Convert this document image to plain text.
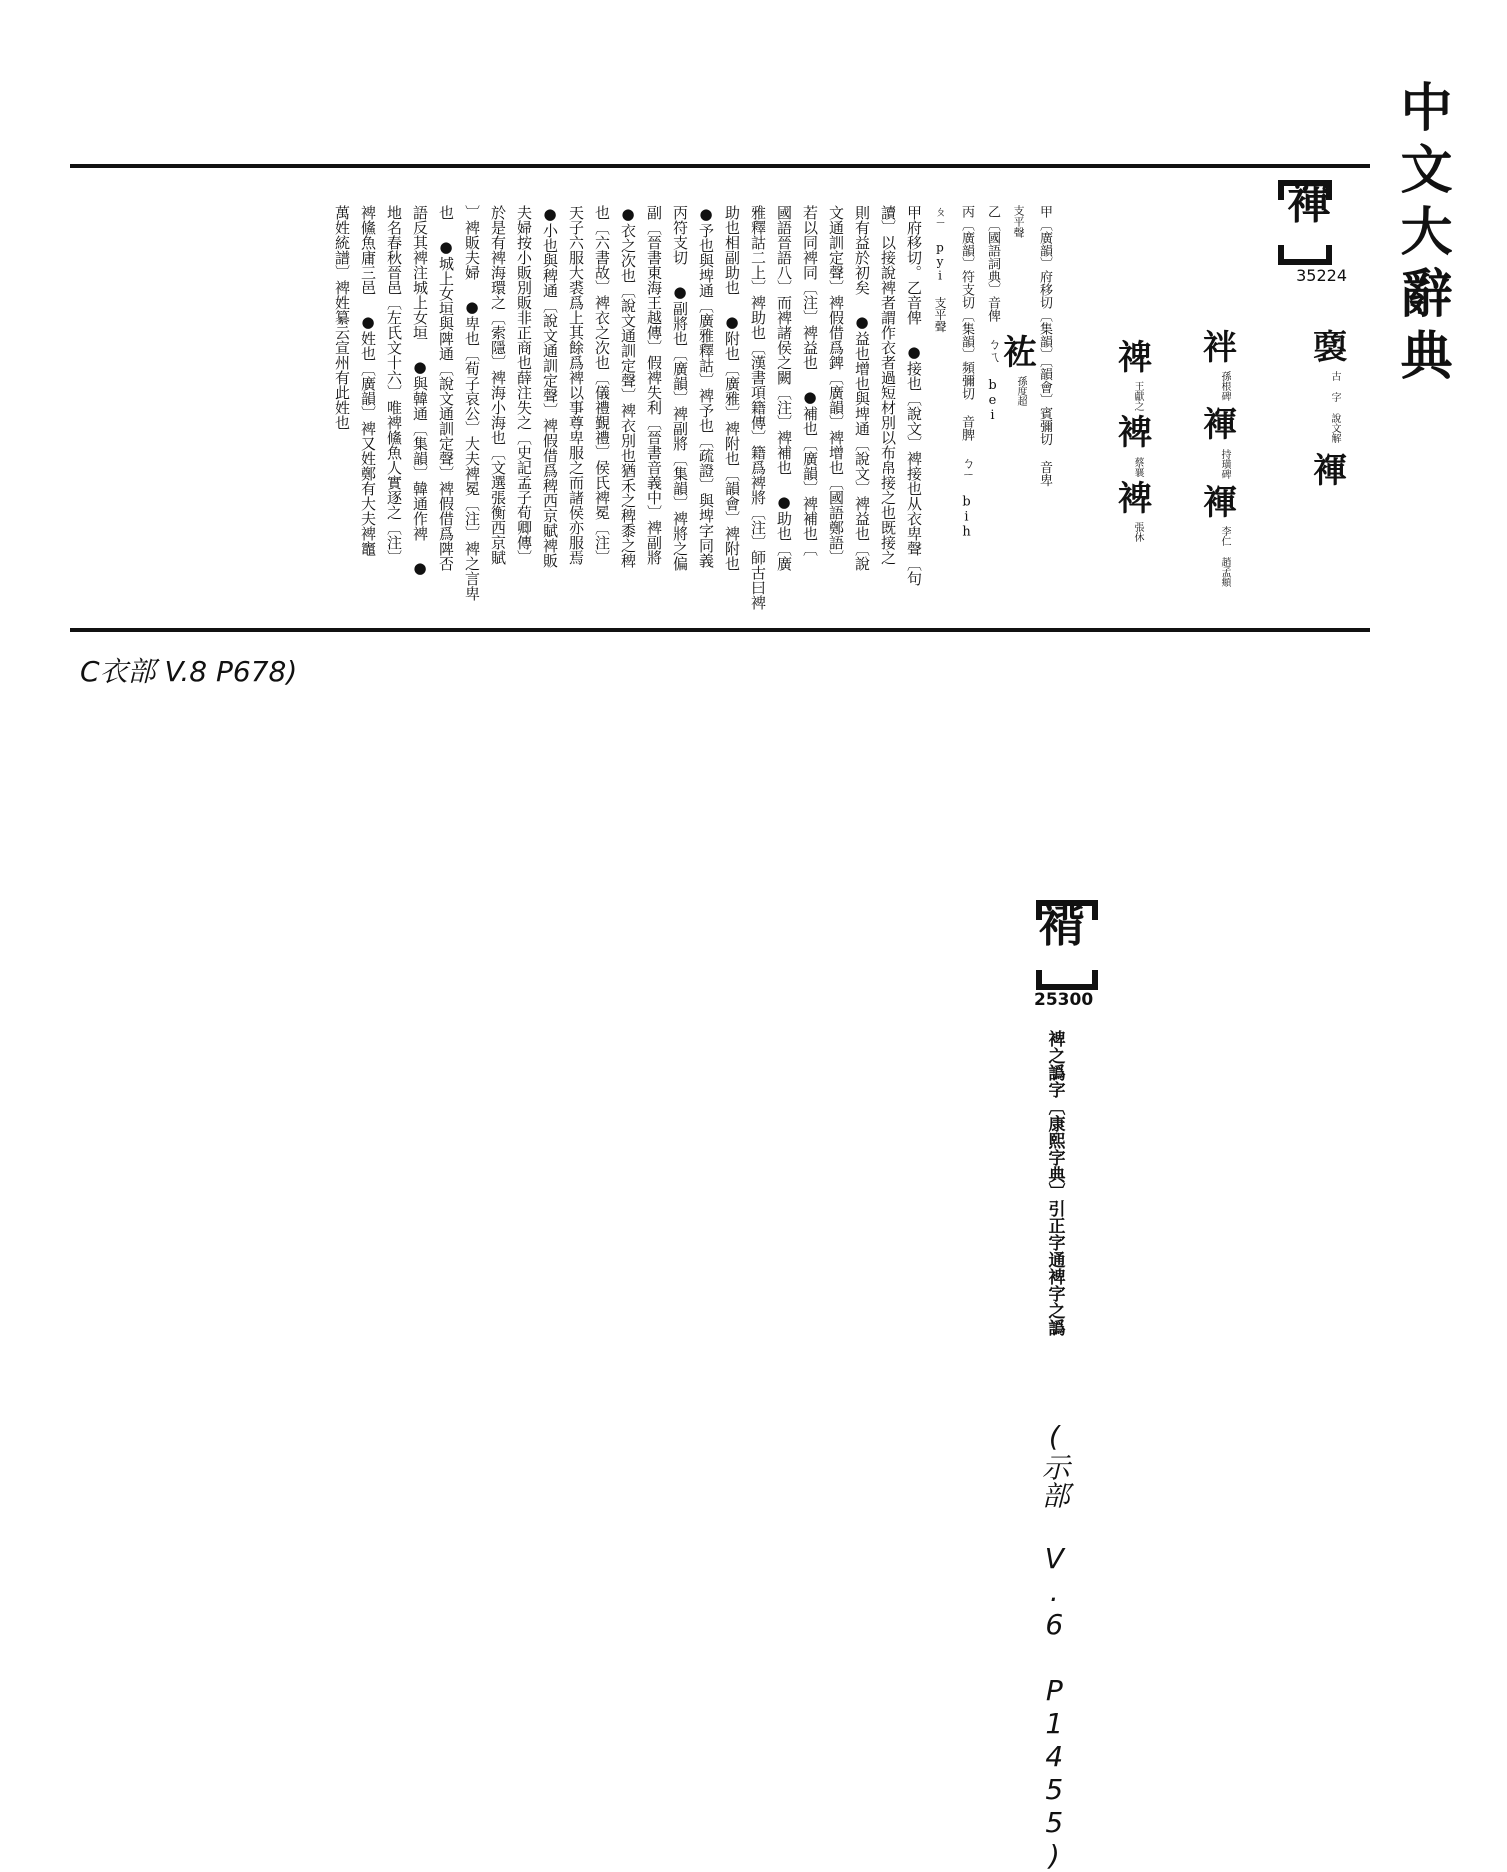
中文大辭典
褌
35224
𧜟
古 字 說文解
褌
袢
孫根碑
褌
持璜碑
褌
李仁 趙孟頫
禆
王獻之
裨
蔡襄
裨
張休
袏
孫度超 甲〔廣韻〕府移切〔集韻〕〔韻會〕賓彌切 音卑
支平聲
乙〔國語詞典〕音俾 ㄅㄟ bei
丙〔廣韻〕符支切〔集韻〕頻彌切 音脾 ㄅㄧ bih
ㄆㄧ pyi 支平聲
甲府移切。乙音俾 ●接也〔說文〕裨接也从衣卑聲〔句
讀〕以接說裨者謂作衣者過短材別以布帛接之也既接之
則有益於初矣 ●益也增也與埤通〔說文〕裨益也〔說
文通訓定聲〕裨假借爲錍〔廣韻〕裨增也〔國語鄭語〕
若以同裨同〔注〕裨益也 ●補也〔廣韻〕裨補也〔
國語晉語八〕而裨諸侯之闕〔注〕裨補也 ●助也〔廣
雅釋詁二上〕裨助也〔漢書項籍傳〕籍爲裨將〔注〕師古曰裨
助也相副助也 ●附也〔廣雅〕裨附也〔韻會〕裨附也
●予也與埤通〔廣雅釋詁〕裨予也〔疏證〕與埤字同義
丙符支切 ●副將也〔廣韻〕裨副將〔集韻〕裨將之偏
副〔晉書東海王越傳〕假裨失利〔晉書音義中〕裨副將
●衣之次也〔說文通訓定聲〕裨衣別也猶禾之稗黍之稗
也〔六書故〕裨衣之次也〔儀禮覲禮〕侯氏裨冕〔注〕
天子六服大裘爲上其餘爲裨以事尊卑服之而諸侯亦服焉
●小也與稗通〔說文通訓定聲〕裨假借爲稗西京賦裨販
夫婦按小販別販非正商也薛注失之〔史記孟子荀卿傳〕
於是有裨海環之〔索隱〕裨海小海也〔文選張衡西京賦
〕裨販夫婦 ●卑也〔荀子哀公〕大夫裨冕〔注〕裨之言卑
也 ●城上女垣與陴通〔說文通訓定聲〕裨假借爲陴否
語反其裨注城上女垣 ●與韓通〔集韻〕韓通作裨 ●
地名春秋晉邑〔左氏文十六〕唯裨鯈魚人實逐之〔注〕
裨鯈魚庸三邑 ●姓也〔廣韻〕裨又姓鄭有大夫裨竈
萬姓統譜〕裨姓纂云宣州有此姓也
C衣部 V.8 P678)
褙
25300
裨之譌字〔康熙字典〕引正字通裨字之譌
(示部 V.6 P1455)
